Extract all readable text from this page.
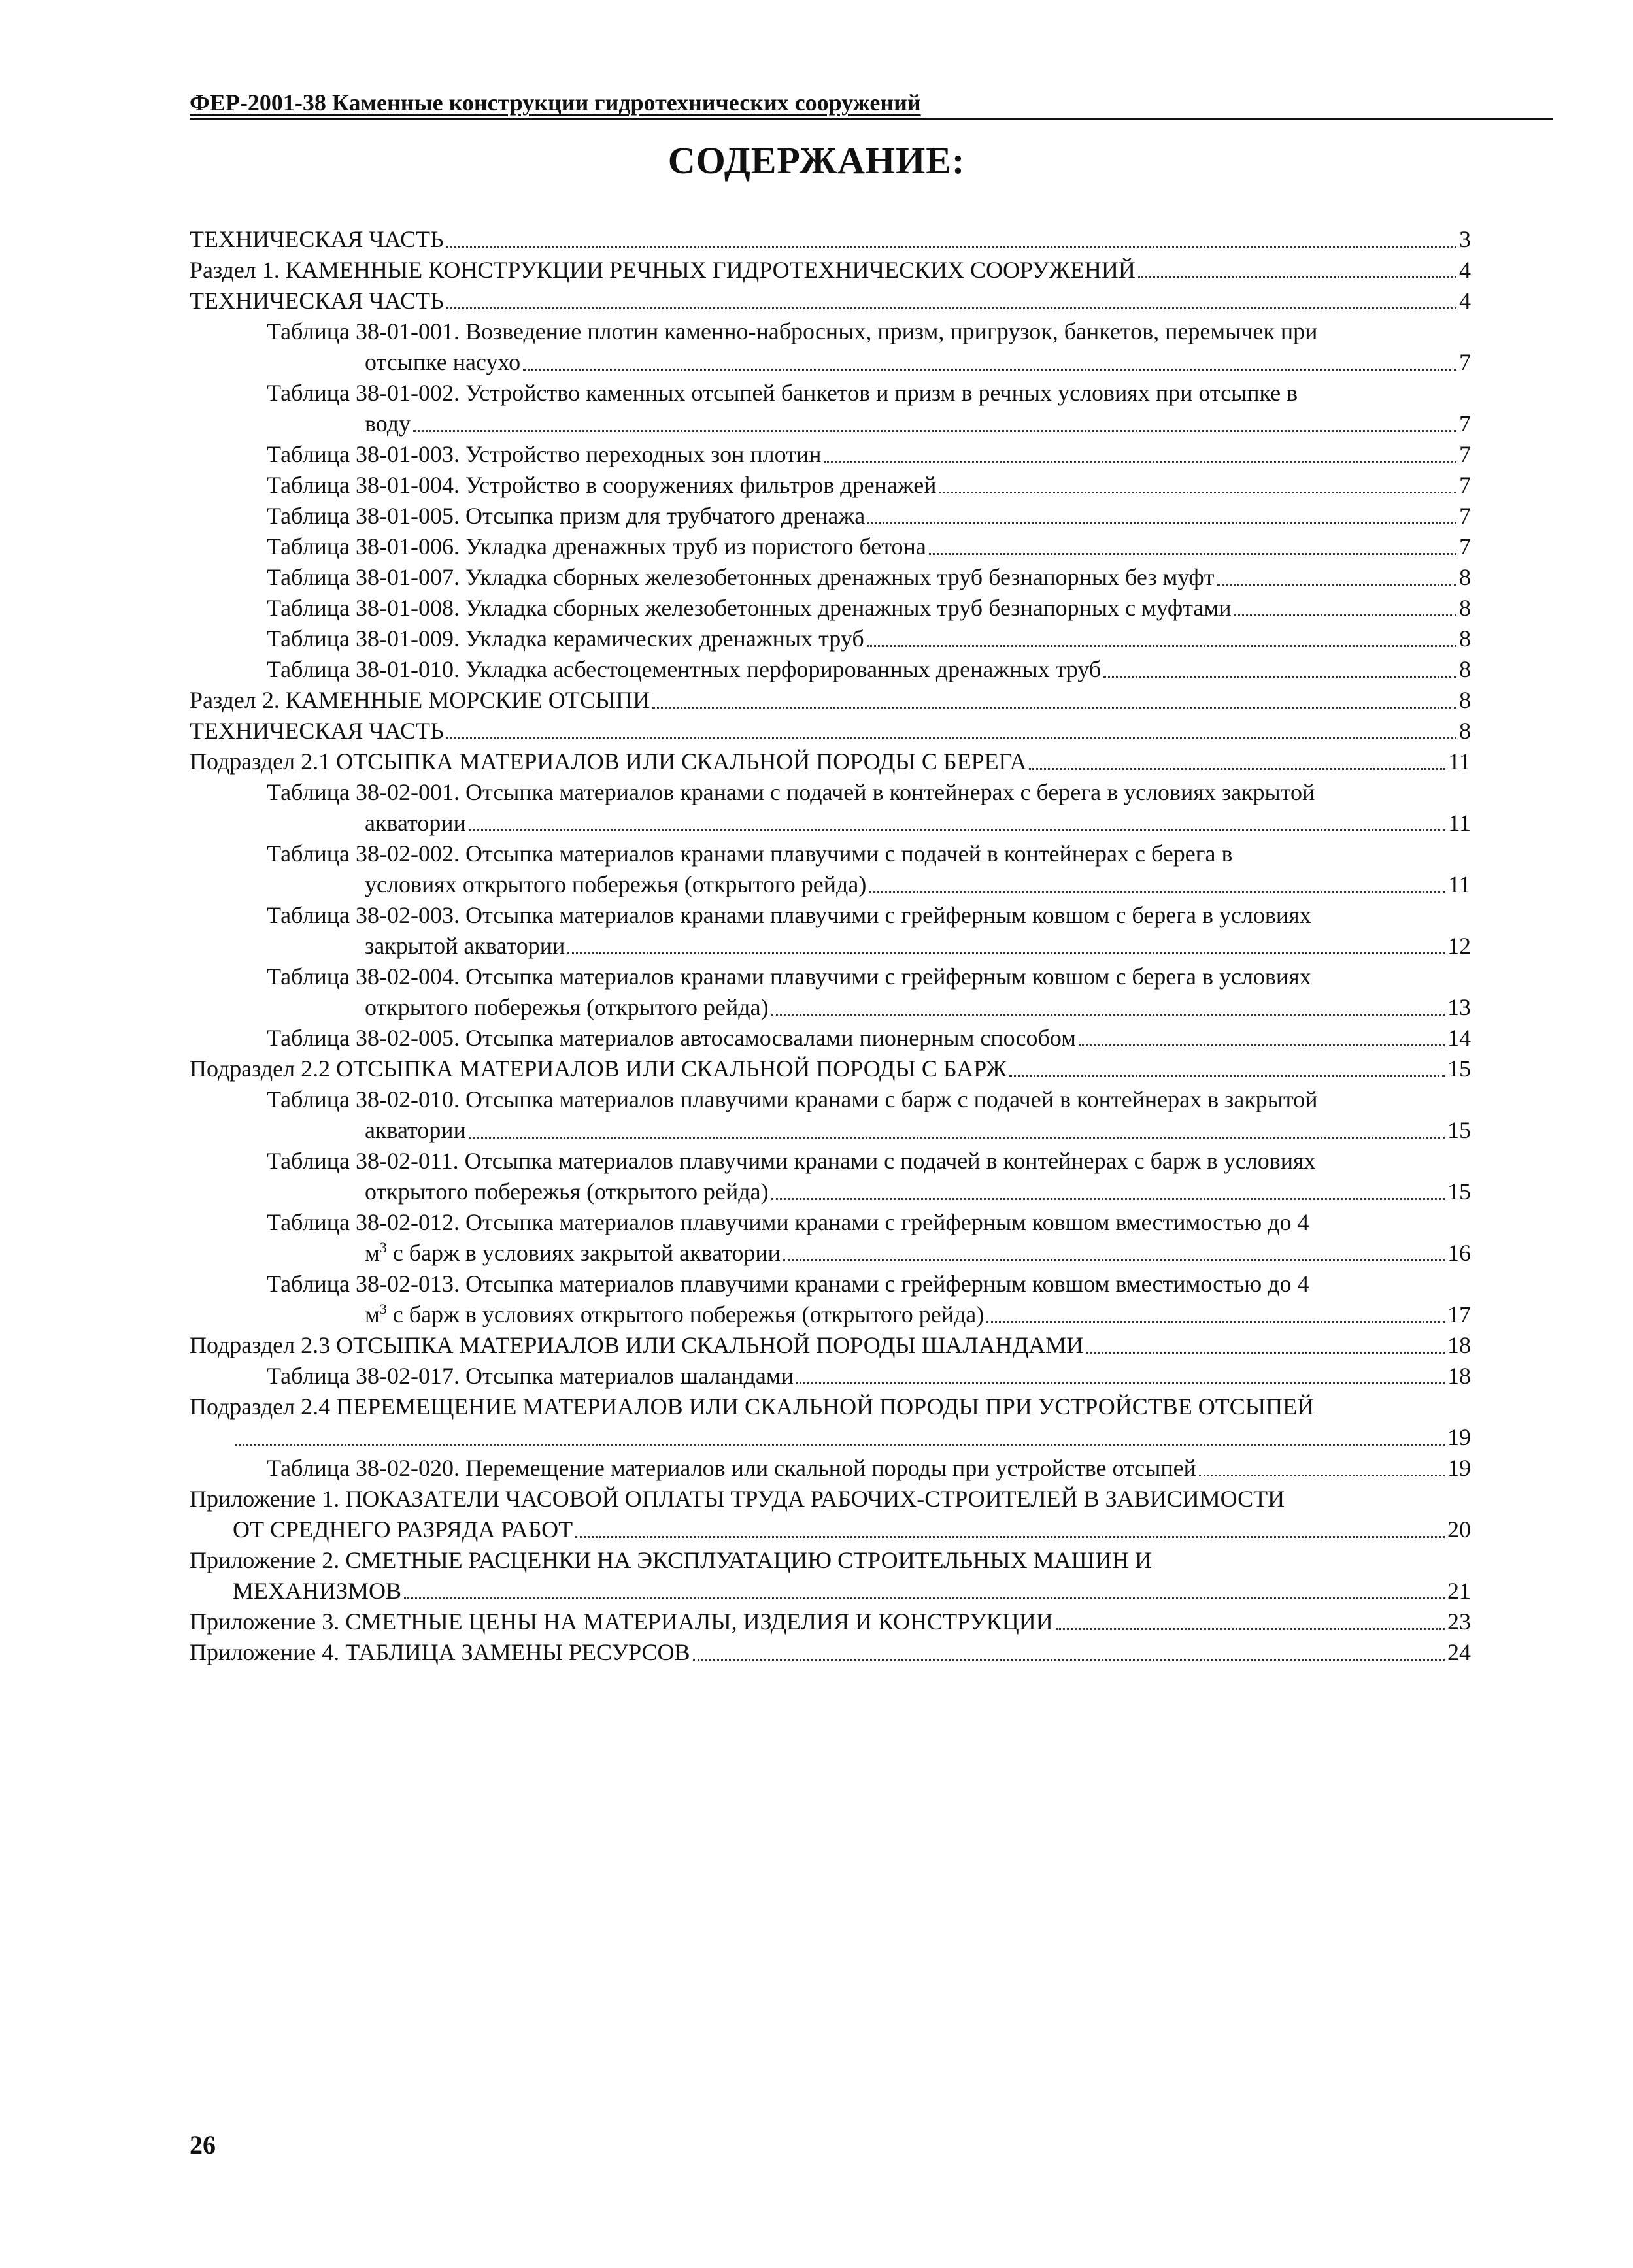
ФЕР-2001-38 Каменные конструкции гидротехнических сооружений
СОДЕРЖАНИЕ:
ТЕХНИЧЕСКАЯ ЧАСТЬ	3
Раздел 1. КАМЕННЫЕ КОНСТРУКЦИИ РЕЧНЫХ ГИДРОТЕХНИЧЕСКИХ СООРУЖЕНИЙ	4
ТЕХНИЧЕСКАЯ ЧАСТЬ	4
Таблица 38-01-001. Возведение плотин каменно-набросных, призм, пригрузок, банкетов, перемычек при
отсыпке насухо	7
Таблица 38-01-002. Устройство каменных отсыпей банкетов и призм в речных условиях при отсыпке в
воду	7
Таблица 38-01-003. Устройство переходных зон плотин	7
Таблица 38-01-004. Устройство в сооружениях фильтров дренажей	7
Таблица 38-01-005. Отсыпка призм для трубчатого дренажа	7
Таблица 38-01-006. Укладка дренажных труб из пористого бетона	7
Таблица 38-01-007. Укладка сборных железобетонных дренажных труб безнапорных без муфт	8
Таблица 38-01-008. Укладка сборных железобетонных дренажных труб безнапорных с муфтами	8
Таблица 38-01-009. Укладка керамических дренажных труб	8
Таблица 38-01-010. Укладка асбестоцементных перфорированных дренажных труб	8
Раздел 2. КАМЕННЫЕ МОРСКИЕ ОТСЫПИ	8
ТЕХНИЧЕСКАЯ ЧАСТЬ	8
Подраздел 2.1 ОТСЫПКА МАТЕРИАЛОВ ИЛИ СКАЛЬНОЙ ПОРОДЫ С БЕРЕГА	11
Таблица 38-02-001. Отсыпка материалов кранами с подачей в контейнерах с берега в условиях закрытой
акватории	11
Таблица 38-02-002. Отсыпка материалов кранами плавучими с подачей в контейнерах с берега в
условиях открытого побережья (открытого рейда)	11
Таблица 38-02-003. Отсыпка материалов кранами плавучими с грейферным ковшом с берега в условиях
закрытой акватории	12
Таблица 38-02-004. Отсыпка материалов кранами плавучими с грейферным ковшом с берега в условиях
открытого побережья (открытого рейда)	13
Таблица 38-02-005. Отсыпка материалов автосамосвалами пионерным способом	14
Подраздел 2.2 ОТСЫПКА МАТЕРИАЛОВ ИЛИ СКАЛЬНОЙ ПОРОДЫ С БАРЖ	15
Таблица 38-02-010. Отсыпка материалов плавучими кранами с барж с подачей в контейнерах в закрытой
акватории	15
Таблица 38-02-011. Отсыпка материалов плавучими кранами с подачей в контейнерах с барж в условиях
открытого побережья (открытого рейда)	15
Таблица 38-02-012. Отсыпка материалов плавучими кранами с грейферным ковшом вместимостью до 4
$м^3$ с барж в условиях закрытой акватории	16
Таблица 38-02-013. Отсыпка материалов плавучими кранами с грейферным ковшом вместимостью до 4
$м^3$ с барж в условиях открытого побережья (открытого рейда)	17
Подраздел 2.3 ОТСЫПКА МАТЕРИАЛОВ ИЛИ СКАЛЬНОЙ ПОРОДЫ ШАЛАНДАМИ	18
Таблица 38-02-017. Отсыпка материалов шаландами	18
Подраздел 2.4 ПЕРЕМЕЩЕНИЕ МАТЕРИАЛОВ ИЛИ СКАЛЬНОЙ ПОРОДЫ ПРИ УСТРОЙСТВЕ ОТСЫПЕЙ
19
Таблица 38-02-020. Перемещение материалов или скальной породы при устройстве отсыпей	19
Приложение 1. ПОКАЗАТЕЛИ ЧАСОВОЙ ОПЛАТЫ ТРУДА РАБОЧИХ-СТРОИТЕЛЕЙ В ЗАВИСИМОСТИ
ОТ СРЕДНЕГО РАЗРЯДА РАБОТ	20
Приложение 2. СМЕТНЫЕ РАСЦЕНКИ НА ЭКСПЛУАТАЦИЮ СТРОИТЕЛЬНЫХ МАШИН И
МЕХАНИЗМОВ	21
Приложение 3. СМЕТНЫЕ ЦЕНЫ НА МАТЕРИАЛЫ, ИЗДЕЛИЯ И КОНСТРУКЦИИ	23
Приложение 4. ТАБЛИЦА ЗАМЕНЫ РЕСУРСОВ	24
26
